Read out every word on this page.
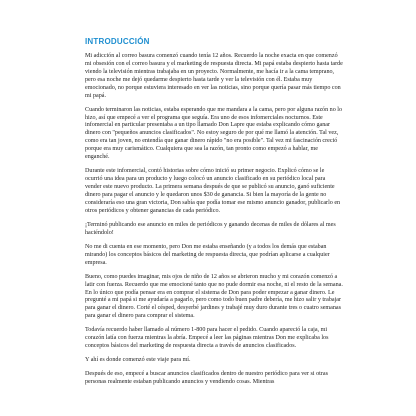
INTRODUCCIÓN

Mi adicción al correo basura comenzó cuando tenía 12 años. Recuerdo la noche exacta en que comenzó mi obsesión con el correo basura y el marketing de respuesta directa. Mi papá estaba despierto hasta tarde viendo la televisión mientras trabajaba en un proyecto. Normalmente, me hacía ir a la cama temprano, pero esa noche me dejó quedarme despierto hasta tarde y ver la televisión con él. Estaba muy emocionado, no porque estuviera interesado en ver las noticias, sino porque quería pasar más tiempo con mi papá.

Cuando terminaron las noticias, estaba esperando que me mandara a la cama, pero por alguna razón no lo hizo, así que empecé a ver el programa que seguía. Era uno de esos infomerciales nocturnos. Este infomercial en particular presentaba a un tipo llamado Don Lapre que estaba explicando cómo ganar dinero con "pequeños anuncios clasificados". No estoy seguro de por qué me llamó la atención. Tal vez, como era tan joven, no entendía que ganar dinero rápido "no era posible". Tal vez mi fascinación creció porque era muy carismático. Cualquiera que sea la razón, tan pronto como empezó a hablar, me enganché.

Durante este infomercial, contó historias sobre cómo inició su primer negocio. Explicó cómo se le ocurrió una idea para un producto y luego colocó un anuncio clasificado en su periódico local para vender este nuevo producto. La primera semana después de que se publicó su anuncio, ganó suficiente dinero para pagar el anuncio y le quedaron unos $30 de ganancia. Si bien la mayoría de la gente no consideraría eso una gran victoria, Don sabía que podía tomar ese mismo anuncio ganador, publicarlo en otros periódicos y obtener ganancias de cada periódico.

¡Terminó publicando ese anuncio en miles de periódicos y ganando decenas de miles de dólares al mes haciéndolo!

No me di cuenta en ese momento, pero Don me estaba enseñando (y a todos los demás que estaban mirando) los conceptos básicos del marketing de respuesta directa, que podrían aplicarse a cualquier empresa.

Bueno, como puedes imaginar, mis ojos de niño de 12 años se abrieron mucho y mi corazón comenzó a latir con fuerza. Recuerdo que me emocioné tanto que no pude dormir esa noche, ni el resto de la semana. En lo único que podía pensar era en comprar el sistema de Don para poder empezar a ganar dinero. Le pregunté a mi papá si me ayudaría a pagarlo, pero como todo buen padre debería, me hizo salir y trabajar para ganar el dinero. Corté el césped, desyerbé jardines y trabajé muy duro durante tres o cuatro semanas para ganar el dinero para comprar el sistema.

Todavía recuerdo haber llamado al número 1-800 para hacer el pedido. Cuando apareció la caja, mi corazón latía con fuerza mientras la abría. Empecé a leer las páginas mientras Don me explicaba los conceptos básicos del marketing de respuesta directa a través de anuncios clasificados.

Y ahí es donde comenzó este viaje para mí.

Después de eso, empecé a buscar anuncios clasificados dentro de nuestro periódico para ver si otras personas realmente estaban publicando anuncios y vendiendo cosas. Mientras
